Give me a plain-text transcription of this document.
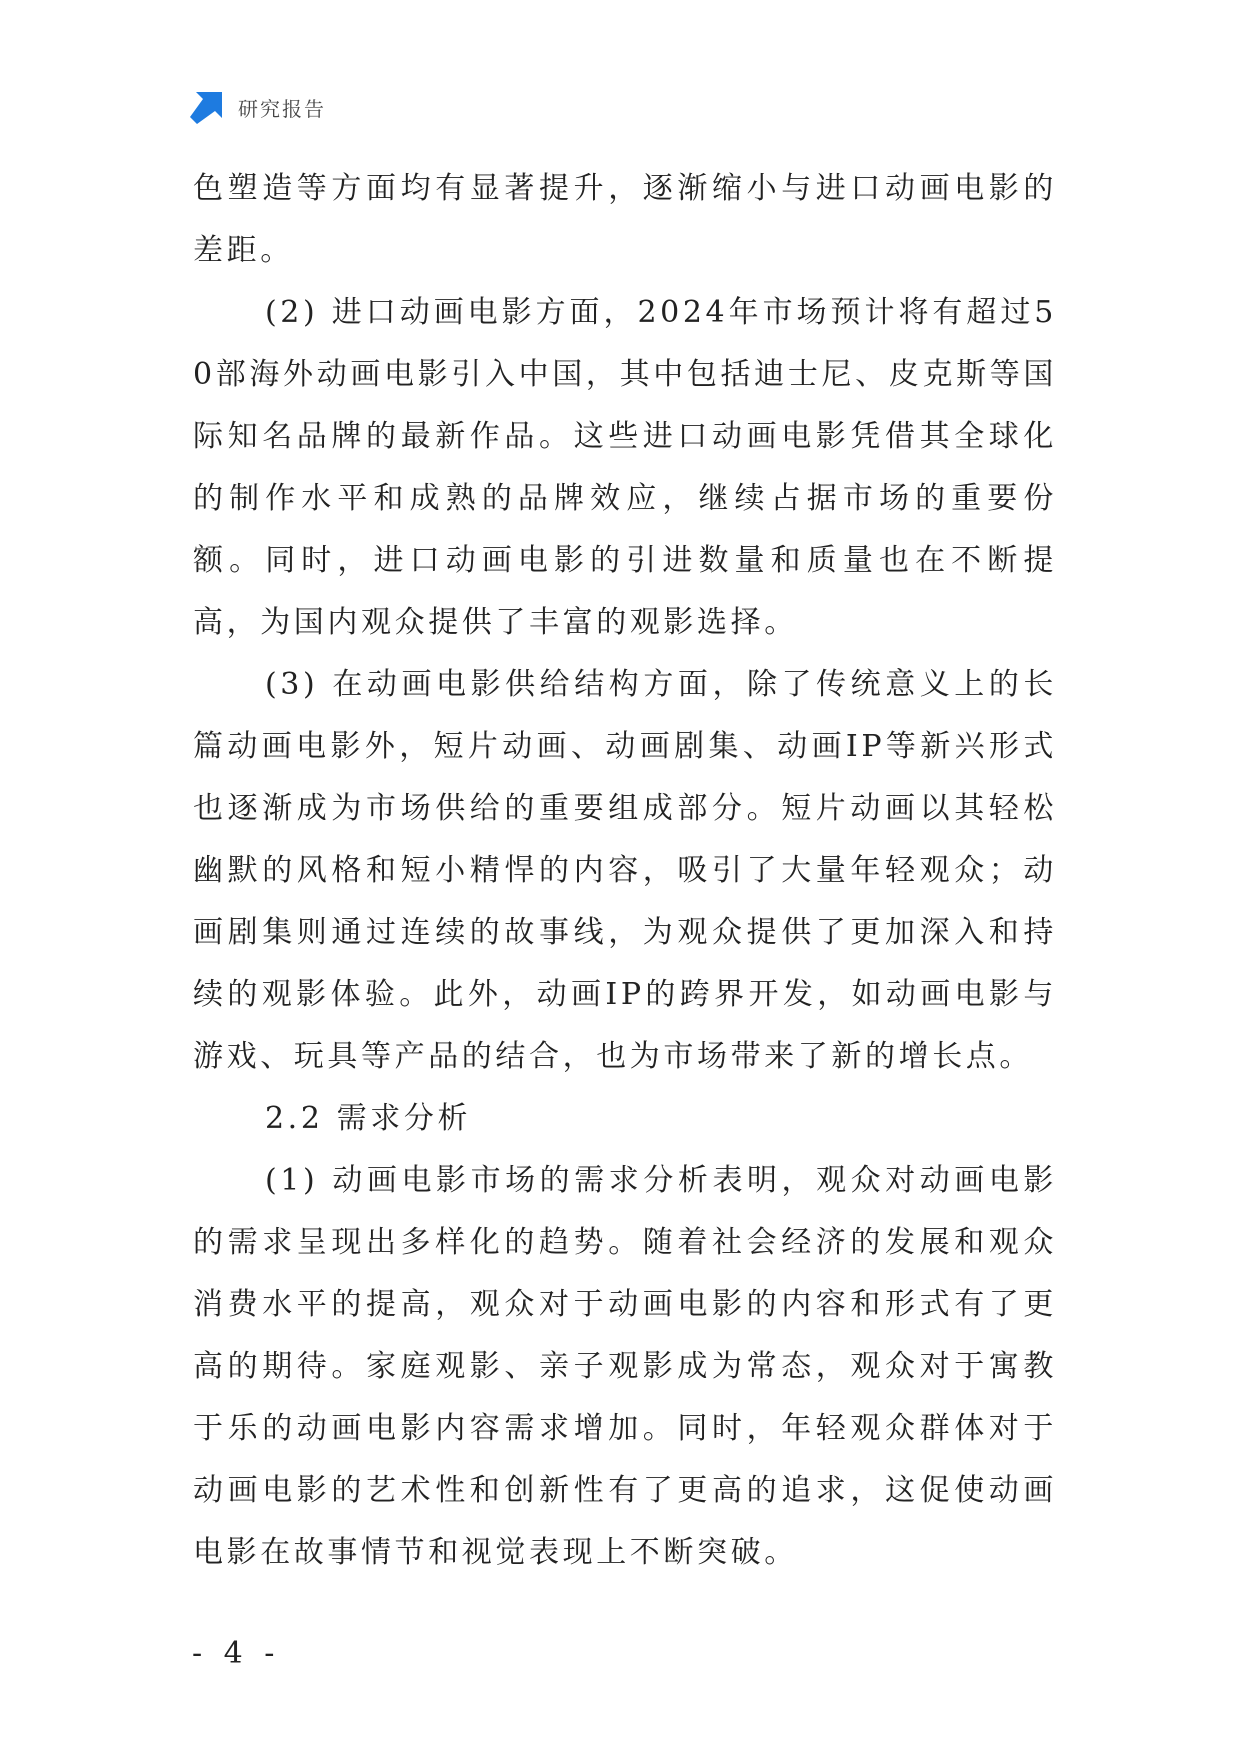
研究报告

色塑造等方面均有显著提升，逐渐缩小与进口动画电影的差距。

(2) 进口动画电影方面，2024年市场预计将有超过50部海外动画电影引入中国，其中包括迪士尼、皮克斯等国际知名品牌的最新作品。这些进口动画电影凭借其全球化的制作水平和成熟的品牌效应，继续占据市场的重要份额。同时，进口动画电影的引进数量和质量也在不断提高，为国内观众提供了丰富的观影选择。

(3) 在动画电影供给结构方面，除了传统意义上的长篇动画电影外，短片动画、动画剧集、动画IP等新兴形式也逐渐成为市场供给的重要组成部分。短片动画以其轻松幽默的风格和短小精悍的内容，吸引了大量年轻观众；动画剧集则通过连续的故事线，为观众提供了更加深入和持续的观影体验。此外，动画IP的跨界开发，如动画电影与游戏、玩具等产品的结合，也为市场带来了新的增长点。

2.2 需求分析

(1) 动画电影市场的需求分析表明，观众对动画电影的需求呈现出多样化的趋势。随着社会经济的发展和观众消费水平的提高，观众对于动画电影的内容和形式有了更高的期待。家庭观影、亲子观影成为常态，观众对于寓教于乐的动画电影内容需求增加。同时，年轻观众群体对于动画电影的艺术性和创新性有了更高的追求，这促使动画电影在故事情节和视觉表现上不断突破。

- 4 -
